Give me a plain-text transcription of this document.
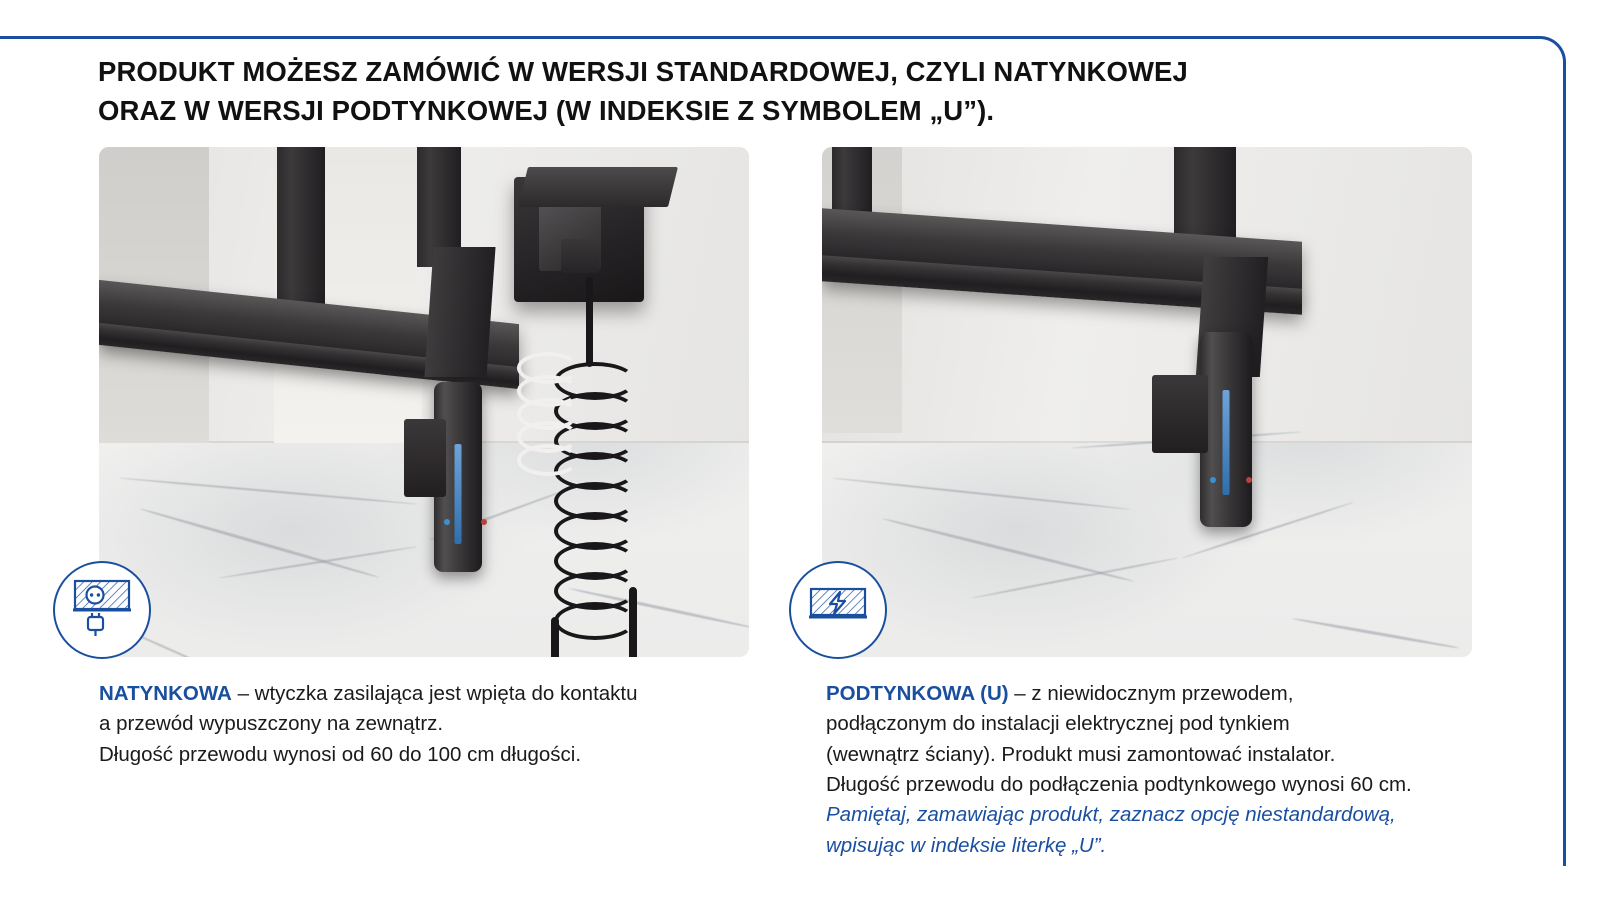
PRODUKT MOŻESZ ZAMÓWIĆ W WERSJI STANDARDOWEJ, CZYLI NATYNKOWEJ
ORAZ W WERSJI PODTYNKOWEJ (W INDEKSIE Z SYMBOLEM „U”).
NATYNKOWA – wtyczka zasilająca jest wpięta do kontaktu
a przewód wypuszczony na zewnątrz.
Długość przewodu wynosi od 60 do 100 cm długości.
PODTYNKOWA (U) – z niewidocznym przewodem,
podłączonym do instalacji elektrycznej pod tynkiem
(wewnątrz ściany). Produkt musi zamontować instalator.
Długość przewodu do podłączenia podtynkowego wynosi 60 cm.
Pamiętaj, zamawiając produkt, zaznacz opcję niestandardową,
wpisując w indeksie literkę „U”.
